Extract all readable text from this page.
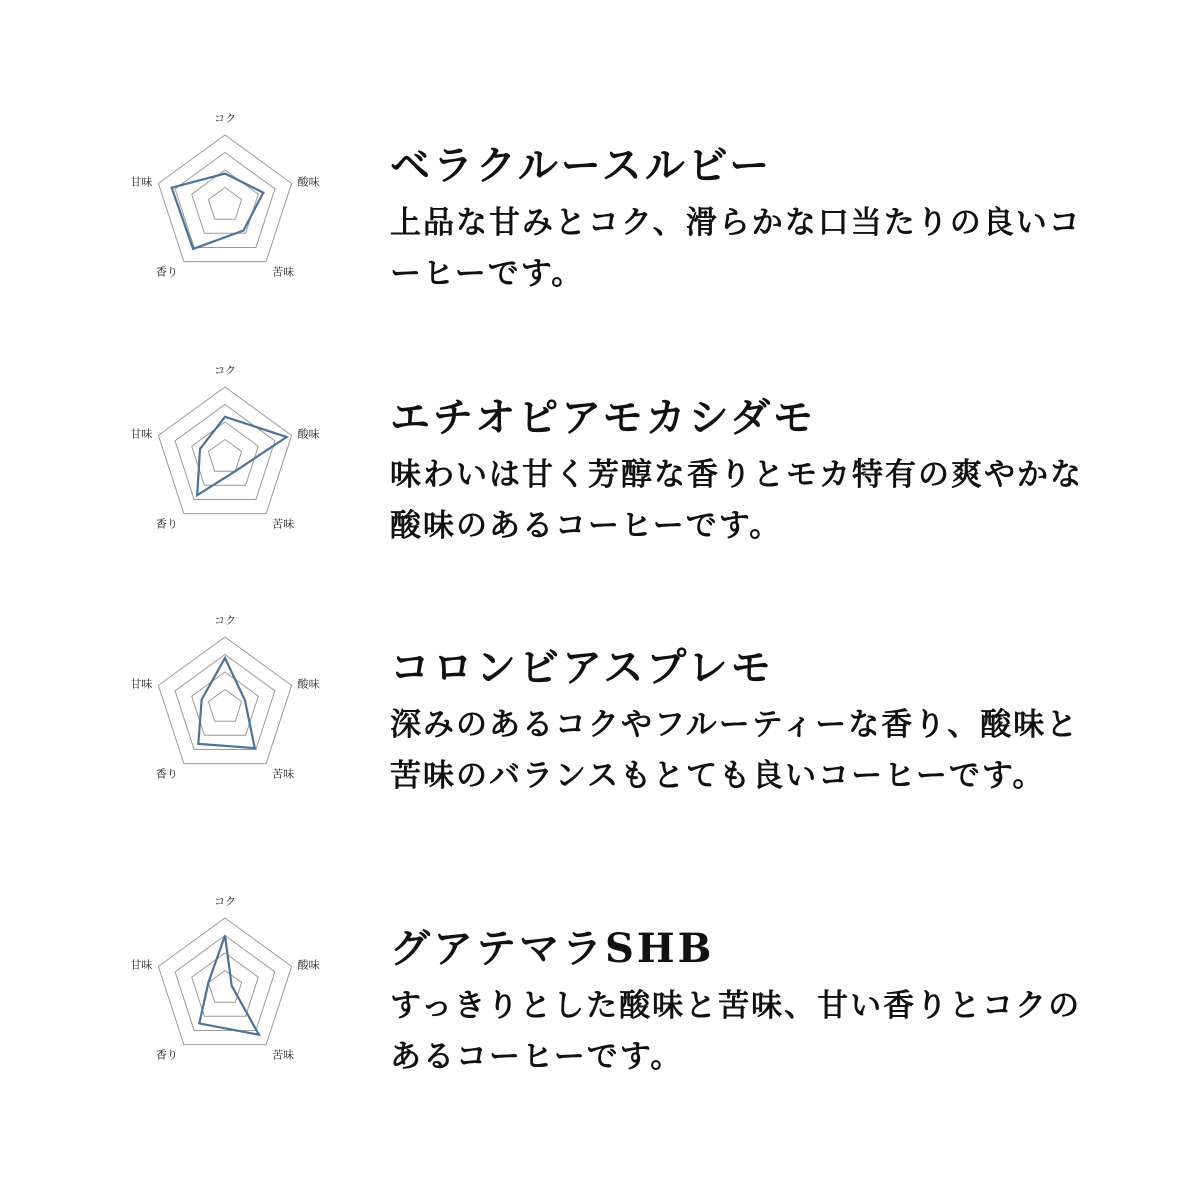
コク
酸味
苦味
香り
甘味	ベラクルースルビー

上品な甘みとコク、滑らかな口当たりの良いコーヒーです。

コク
酸味
苦味
香り
甘味	エチオピアモカシダモ

味わいは甘く芳醇な香りとモカ特有の爽やかな酸味のあるコーヒーです。

コク
酸味
苦味
香り
甘味	コロンビアスプレモ

深みのあるコクやフルーティーな香り、酸味と苦味のバランスもとても良いコーヒーです。

コク
酸味
苦味
香り
甘味	グアテマラSHB

すっきりとした酸味と苦味、甘い香りとコクのあるコーヒーです。
